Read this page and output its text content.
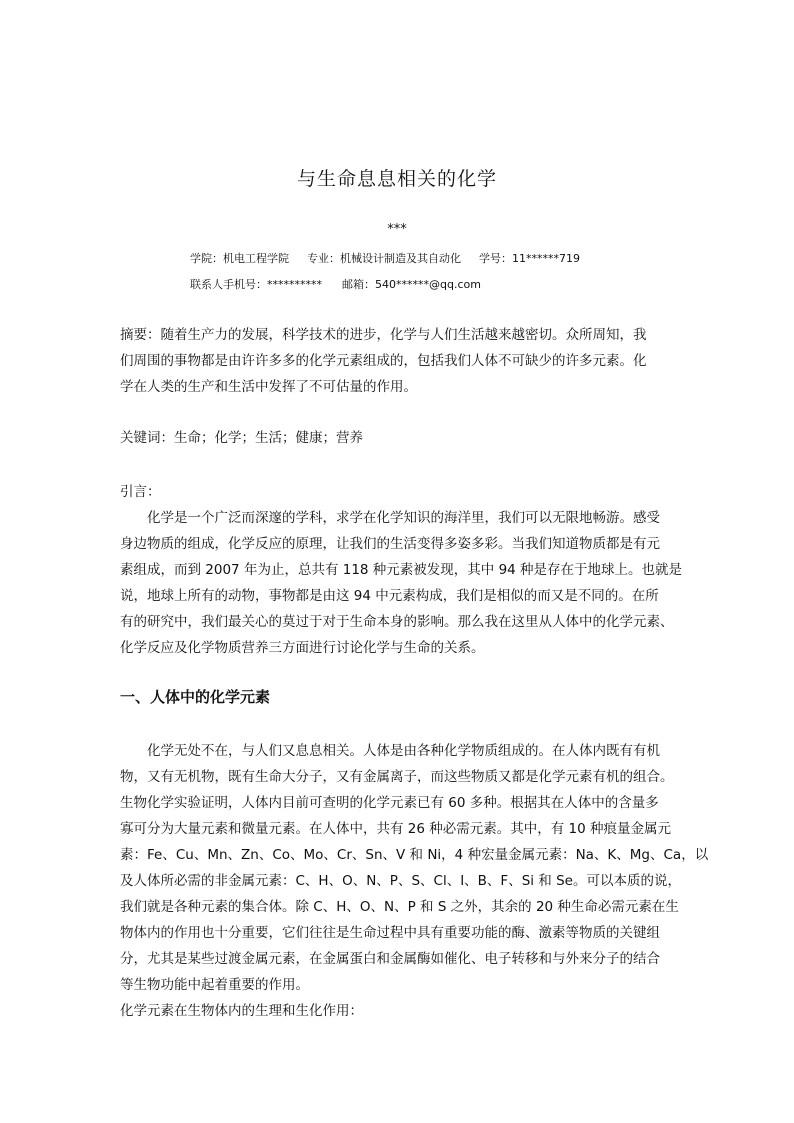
与生命息息相关的化学
***
学院：机电工程学院 专业：机械设计制造及其自动化 学号：11******719
联系人手机号：********** 邮箱：540******@qq.com
摘要：随着生产力的发展，科学技术的进步，化学与人们生活越来越密切。众所周知，我
们周围的事物都是由许许多多的化学元素组成的，包括我们人体不可缺少的许多元素。化
学在人类的生产和生活中发挥了不可估量的作用。
关键词：生命；化学；生活；健康；营养
引言：
化学是一个广泛而深邃的学科，求学在化学知识的海洋里，我们可以无限地畅游。感受
身边物质的组成，化学反应的原理，让我们的生活变得多姿多彩。当我们知道物质都是有元
素组成，而到 2007 年为止，总共有 118 种元素被发现，其中 94 种是存在于地球上。也就是
说，地球上所有的动物，事物都是由这 94 中元素构成，我们是相似的而又是不同的。在所
有的研究中，我们最关心的莫过于对于生命本身的影响。那么我在这里从人体中的化学元素、
化学反应及化学物质营养三方面进行讨论化学与生命的关系。
一、人体中的化学元素
化学无处不在，与人们又息息相关。人体是由各种化学物质组成的。在人体内既有有机
物，又有无机物，既有生命大分子，又有金属离子，而这些物质又都是化学元素有机的组合。
生物化学实验证明，人体内目前可查明的化学元素已有 60 多种。根据其在人体中的含量多
寡可分为大量元素和微量元素。在人体中，共有 26 种必需元素。其中，有 10 种痕量金属元
素：Fe、Cu、Mn、Zn、Co、Mo、Cr、Sn、V 和 Ni，4 种宏量金属元素：Na、K、Mg、Ca，以
及人体所必需的非金属元素：C、H、O、N、P、S、Cl、I、B、F、Si 和 Se。可以本质的说，
我们就是各种元素的集合体。除 C、H、O、N、P 和 S 之外，其余的 20 种生命必需元素在生
物体内的作用也十分重要，它们往往是生命过程中具有重要功能的酶、激素等物质的关键组
分，尤其是某些过渡金属元素，在金属蛋白和金属酶如催化、电子转移和与外来分子的结合
等生物功能中起着重要的作用。
化学元素在生物体内的生理和生化作用：
